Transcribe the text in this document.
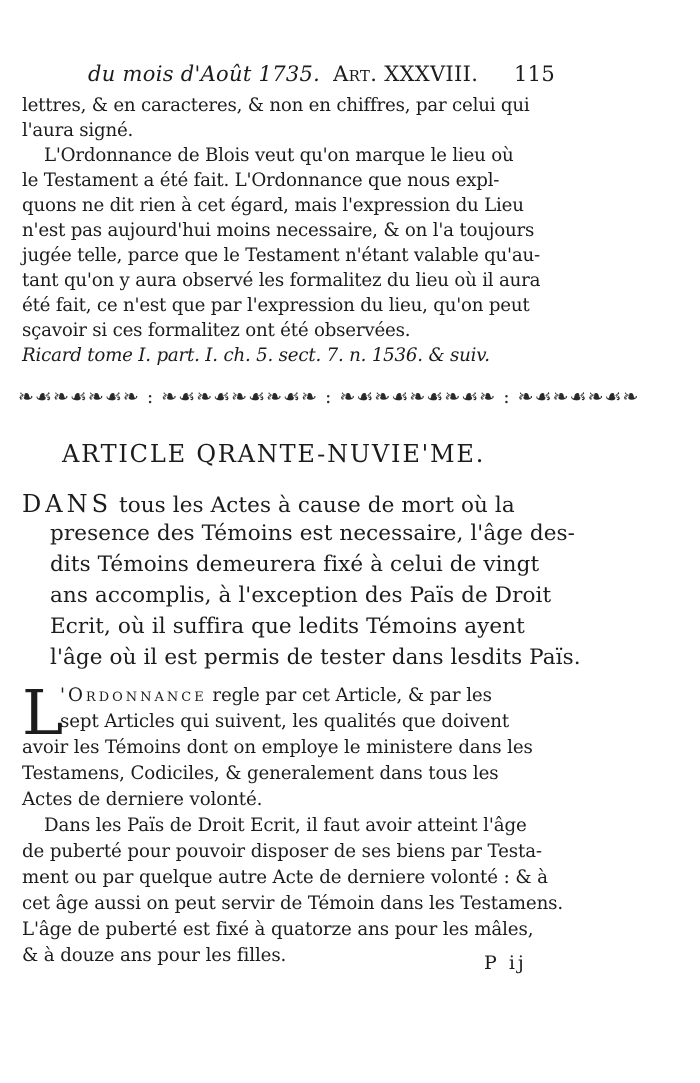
du mois d'Août 1735. Art. XXXVIII. 115
lettres, & en caracteres, & non en chiffres, par celui qui
l'aura signé.
L'Ordonnance de Blois veut qu'on marque le lieu où
le Testament a été fait. L'Ordonnance que nous expl-
quons ne dit rien à cet égard, mais l'expression du Lieu
n'est pas aujourd'hui moins necessaire, & on l'a toujours
jugée telle, parce que le Testament n'étant valable qu'au-
tant qu'on y aura observé les formalitez du lieu où il aura
été fait, ce n'est que par l'expression du lieu, qu'on peut
sçavoir si ces formalitez ont été observées.
Ricard tome I. part. I. ch. 5. sect. 7. n. 1536. & suiv.
❧☙❧☙❧☙❧ : ❧☙❧☙❧☙❧☙❧ : ❧☙❧☙❧☙❧☙❧ : ❧☙❧☙❧☙❧
ARTICLE QRANTE-NUVIE'ME.
DANS tous les Actes à cause de mort où la
presence des Témoins est necessaire, l'âge des-
dits Témoins demeurera fixé à celui de vingt
ans accomplis, à l'exception des Païs de Droit
Ecrit, où il suffira que ledits Témoins ayent
l'âge où il est permis de tester dans lesdits Païs.
L
'Ordonnance regle par cet Article, & par les
sept Articles qui suivent, les qualités que doivent
avoir les Témoins dont on employe le ministere dans les
Testamens, Codiciles, & generalement dans tous les
Actes de derniere volonté.
Dans les Païs de Droit Ecrit, il faut avoir atteint l'âge
de puberté pour pouvoir disposer de ses biens par Testa-
ment ou par quelque autre Acte de derniere volonté : & à
cet âge aussi on peut servir de Témoin dans les Testamens.
L'âge de puberté est fixé à quatorze ans pour les mâles,
& à douze ans pour les filles.	P ij
